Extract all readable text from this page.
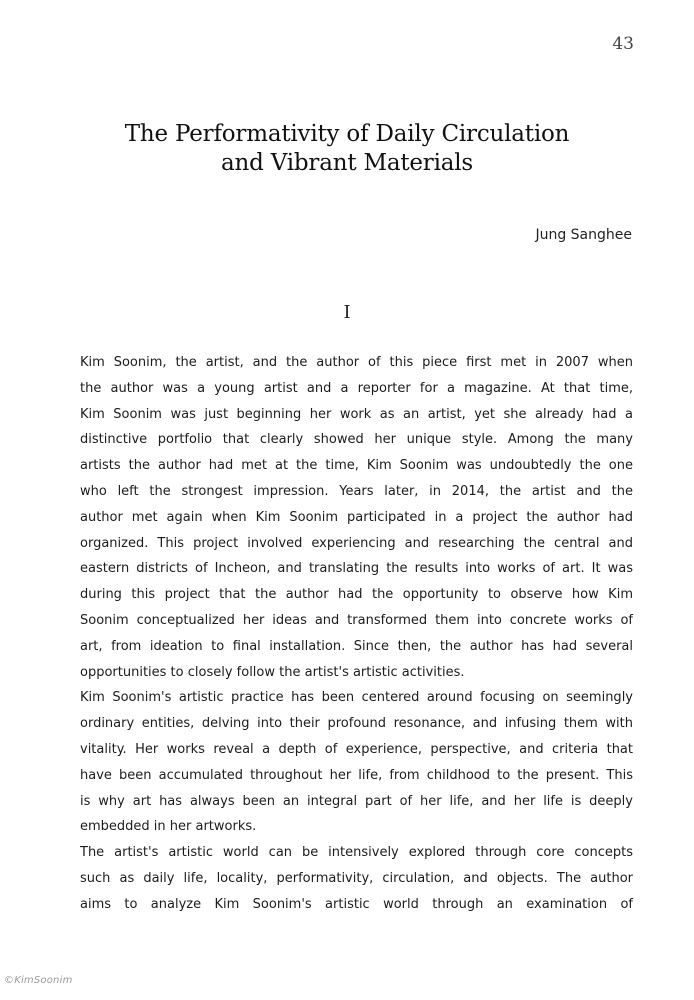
43
The Performativity of Daily Circulation
and Vibrant Materials
Jung Sanghee
I
Kim Soonim, the artist, and the author of this piece first met in 2007 when
the author was a young artist and a reporter for a magazine. At that time,
Kim Soonim was just beginning her work as an artist, yet she already had a
distinctive portfolio that clearly showed her unique style. Among the many
artists the author had met at the time, Kim Soonim was undoubtedly the one
who left the strongest impression. Years later, in 2014, the artist and the
author met again when Kim Soonim participated in a project the author had
organized. This project involved experiencing and researching the central and
eastern districts of Incheon, and translating the results into works of art. It was
during this project that the author had the opportunity to observe how Kim
Soonim conceptualized her ideas and transformed them into concrete works of
art, from ideation to final installation. Since then, the author has had several
opportunities to closely follow the artist's artistic activities.
Kim Soonim's artistic practice has been centered around focusing on seemingly
ordinary entities, delving into their profound resonance, and infusing them with
vitality. Her works reveal a depth of experience, perspective, and criteria that
have been accumulated throughout her life, from childhood to the present. This
is why art has always been an integral part of her life, and her life is deeply
embedded in her artworks.
The artist's artistic world can be intensively explored through core concepts
such as daily life, locality, performativity, circulation, and objects. The author
aims to analyze Kim Soonim's artistic world through an examination of
©KimSoonim
